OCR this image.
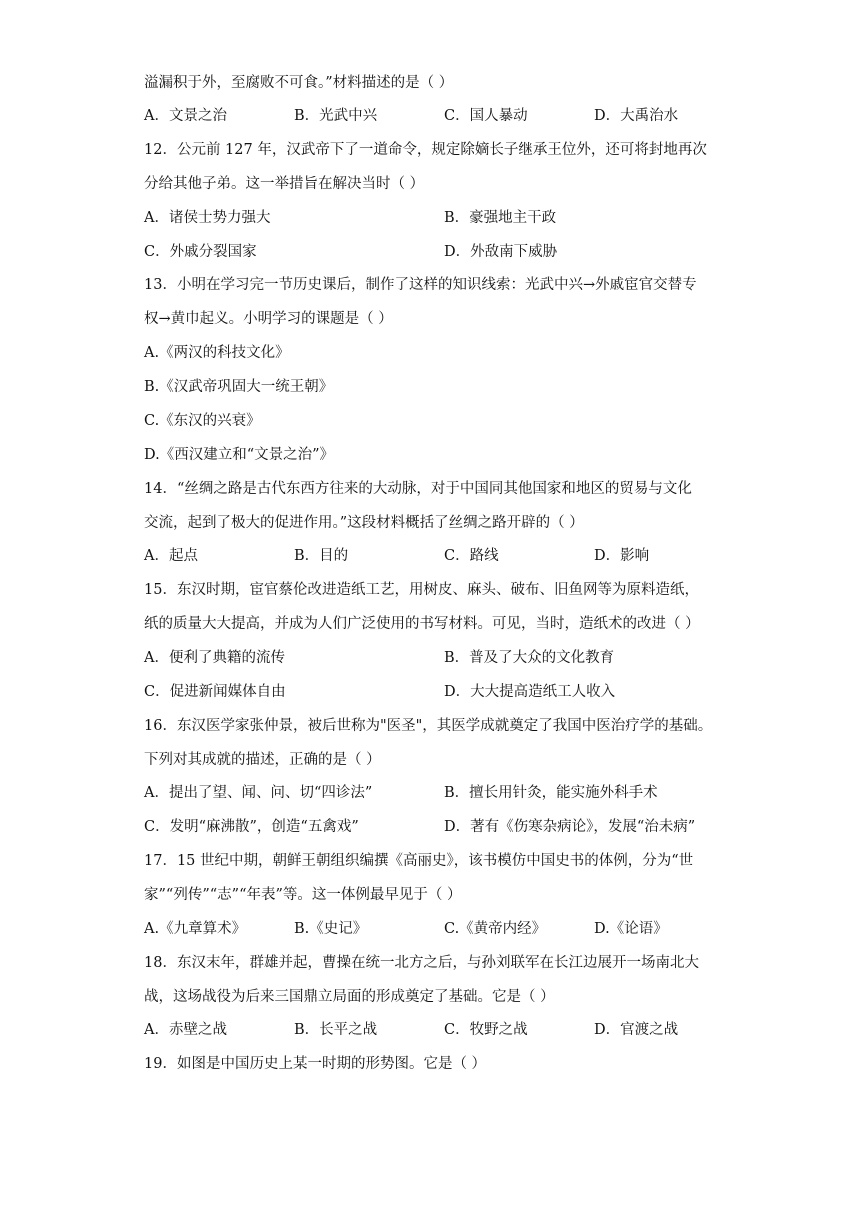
溢漏积于外，至腐败不可食。”材料描述的是（ ）
A．文景之治	B．光武中兴	C．国人暴动	D．大禹治水
12．公元前 127 年，汉武帝下了一道命令，规定除嫡长子继承王位外，还可将封地再次
分给其他子弟。这一举措旨在解决当时（ ）
A．诸侯士势力强大	B．豪强地主干政
C．外戚分裂国家	D．外敌南下威胁
13．小明在学习完一节历史课后，制作了这样的知识线索：光武中兴→外戚宦官交替专
权→黄巾起义。小明学习的课题是（ ）
A.《两汉的科技文化》
B.《汉武帝巩固大一统王朝》
C.《东汉的兴衰》
D.《西汉建立和“文景之治”》
14．“丝绸之路是古代东西方往来的大动脉，对于中国同其他国家和地区的贸易与文化
交流，起到了极大的促进作用。”这段材料概括了丝绸之路开辟的（ ）
A．起点	B．目的	C．路线	D．影响
15．东汉时期，宦官蔡伦改进造纸工艺，用树皮、麻头、破布、旧鱼网等为原料造纸，
纸的质量大大提高，并成为人们广泛使用的书写材料。可见，当时，造纸术的改进（ ）
A．便利了典籍的流传	B．普及了大众的文化教育
C．促进新闻媒体自由	D．大大提高造纸工人收入
16．东汉医学家张仲景，被后世称为"医圣"，其医学成就奠定了我国中医治疗学的基础。
下列对其成就的描述，正确的是（ ）
A．提出了望、闻、问、切“四诊法”	B．擅长用针灸，能实施外科手术
C．发明“麻沸散”，创造“五禽戏”	D．著有《伤寒杂病论》，发展“治未病”
17．15 世纪中期，朝鲜王朝组织编撰《高丽史》，该书模仿中国史书的体例，分为“世
家”“列传”“志”“年表”等。这一体例最早见于（ ）
A.《九章算术》	B.《史记》	C.《黄帝内经》	D.《论语》
18．东汉末年，群雄并起，曹操在统一北方之后，与孙刘联军在长江边展开一场南北大
战，这场战役为后来三国鼎立局面的形成奠定了基础。它是（ ）
A．赤壁之战	B．长平之战	C．牧野之战	D．官渡之战
19．如图是中国历史上某一时期的形势图。它是（ ）
